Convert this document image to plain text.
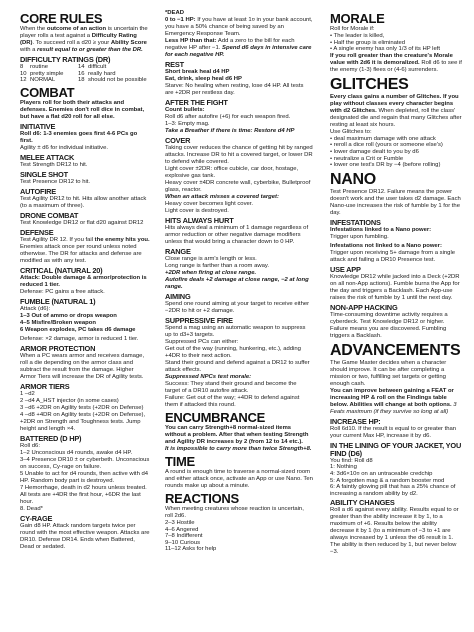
CORE RULES

When the outcome of an action is uncertain the player rolls a test against a Difficulty Rating (DR). To succeed roll a d20 ≥ your Ability Score with a result equal to or greater than the DR.

DIFFICULTY RATINGS (DR)
8	routine	14 difficult
10 pretty simple	16 really hard
12 NORMAL	18 should not be possible
COMBAT

Players roll for both their attacks and defenses. Enemies don't roll dice in combat, but have a flat d20 roll for all else.

INITIATIVE

Roll d6: 1-3 enemies goes first 4-6 PCs go first.

Agility ± d6 for individual initiative.

MELEE ATTACK

Test Strength DR12 to hit.

SINGLE SHOT

Test Presence DR12 to hit.

AUTOFIRE

Test Agility DR12 to hit. Hits allow another attack (to a maximum of three).

DRONE COMBAT

Test Knowledge DR12 or flat d20 against DR12

DEFENSE

Test Agility DR 12. If you fail the enemy hits you. Enemies attack once per round unless noted otherwise. The DR for attacks and defense are modified as with any test.

CRITICAL (NATURAL 20)

Attack: Double damage & armor/protection is reduced 1 tier.

Defense: PC gains a free attack.

FUMBLE (NATURAL 1)

Attack (d6):

1–3 Out of ammo or drops weapon

4–5 Misfire/Broken weapon

6 Weapon explodes, PC takes d6 damage

Defense: ×2 damage, armor is reduced 1 tier.

ARMOR PROTECTION

When a PC wears armor and receives damage, roll a die depending on the armor class and subtract the result from the damage. Higher Armor Tiers will increase the DR of Agility tests.

ARMOR TIERS

1 –d2

2 –d4 A_HST injector (in some cases)

3 –d6 +2DR on Agility tests (+2DR on Defense)

4 –d8 +4DR on Agility tests (+2DR on Defense), +2DR on Strength and Toughness tests. Jump height and length ×4.

BATTERED (D HP)

Roll d6:

1–2 Unconscious d4 rounds, awake d4 HP.

3–4 Presence DR10 ± or cyberbeth. Unconscious on success, Cy-rage on failure.

5 Unable to act for d4 rounds, then active with d4 HP. Random body part is destroyed.

7 Hemorrhage, death in d2 hours unless treated. All tests are +4DR the first hour, +6DR the last hour.

8. Dead*

CY-RAGE

Gain d8 HP. Attack random targets twice per round with the most effective weapon. Attacks are DR10. Defense DR14. Ends when Battered, Dead or sedated.

*DEAD
0 to −1 HP: If you have at least 1¤ in your bank account, you have a 50% chance of being saved by an Emergency Response Team.
Less HP than that: Add a zero to the bill for each negative HP after −1. Spend d6 days in intensive care for each negative HP.

REST

Short break heal d4 HP

Eat, drink, sleep heal d6 HP

Starve: No healing when resting, lose d4 HP. All tests are +2DR per restless day.

AFTER THE FIGHT

Count bullets:

Roll d6 after autofire (+6) for each weapon fired.

1–3: Empty mag.

Take a Breather if there is time: Restore d4 HP

COVER

Taking cover reduces the chance of getting hit by ranged attacks. Increase DR to hit a covered target, or lower DR to defend while covered.

Light cover ±2DR: office cubicle, car door, hostage, explosive gas tank.

Heavy cover ±4DR concrete wall, cyberbike, Bulletproof glass, reactor.

When an attack misses a covered target:

Heavy cover becomes light cover.

Light cover is destroyed.

HITS ALWAYS HURT

Hits always deal a minimum of 1 damage regardless of armor reduction or other negative damage modifiers unless that would bring a character down to 0 HP.

RANGE

Close range is arm's length or less.

Long range is farther than a room away.

+2DR when firing at close range.

Autofire deals +2 damage at close range, −2 at long range.

AIMING

Spend one round aiming at your target to receive either −2DR to hit or +2 damage.

SUPPRESSIVE FIRE

Spend a mag using an automatic weapon to suppress up to d3+3 targets.

Suppressed PCs can either:

Get out of the way (running, hunkering, etc.), adding +4DR to their next action.

Stand their ground and defend against a DR12 to suffer attack effects.

Suppressed NPCs test morale:

Success: They stand their ground and become the target of a DR10 autofire attack.

Failure: Get out of the way; +4DR to defend against them if attacked this round.

ENCUMBRANCE

You can carry Strength+8 normal-sized items without a problem. After that when testing Strength and Agility DR increases by 2 (from 12 to 14 etc.).

It is impossible to carry more than twice Strength+8.

TIME

A round is enough time to traverse a normal-sized room and either attack once, activate an App or use Nano. Ten rounds make up about a minute.

REACTIONS

When meeting creatures whose reaction is uncertain, roll 2d6.

2–3 Hostile

4–6 Angered

7–8 Indifferent

9–10 Curious

11–12 Asks for help

MORALE

Roll for Morale if:

• The leader is killed,

• Half the group is eliminated

• A single enemy has only 1/3 of its HP left

If you roll greater than the creature's Morale value with 2d6 it is demoralized. Roll d6 to see if the enemy (1-3) flees or (4-6) surrenders.

GLITCHES

Every class gains a number of Glitches. If you play without classes every character begins with d2 Glitches. When depleted, roll the class' designated die and regain that many Glitches after resting at least six hours.

Use Glitches to:

• deal maximum damage with one attack

• reroll a dice roll (yours or someone else's)

• lower damage dealt to you by d6

• neutralize a Crit or Fumble

• lower one test's DR by −4 (before rolling)

NANO

Test Presence DR12. Failure means the power doesn't work and the user takes d2 damage. Each Nano-use increases the risk of fumble by 1 for the day.

INFESTATIONS

Infestations linked to a Nano power:

Trigger upon fumbling.

Infestations not linked to a Nano power:

Trigger upon receiving 5+ damage from a single attack and failing a DR10 Presence test.

USE APP

Knowledge DR12 while jacked into a Deck (+2DR on all non-App actions). Fumble burns the App for the day and triggers a Backlash. Each App-use raises the risk of fumble by 1 until the next day.

NON-APP HACKING

Time-consuming downtime activity requires a cyberdeck. Test Knowledge DR12 or higher. Failure means you are discovered. Fumbling triggers a Backlash.

ADVANCEMENTS

The Game Master decides when a character should improve. It can be after completing a mission or two, fulfilling set targets or getting enough cash.

You can improve between gaining a FEAT or increasing HP & roll on the Findings table below. Abilities will change at both options. 3 Feats maximum (if they survive so long at all)

INCREASE HP:

Roll 6d10. If the result is equal to or greater than your current Max HP, increase it by d6.

IN THE LINING OF YOUR JACKET, YOU FIND (D6)

You find: Roll d8

1: Nothing

4: 3d6×10¤ on an untraceable credchip

5: A forgotten mag & a random booster mod

6: A faintly glowing pill that has a 25% chance of increasing a random ability by d2.

ABILITY CHANGES

Roll a d6 against every ability. Results equal to or greater than the ability increase it by 1, to a maximum of +6. Results below the ability decrease it by 1 (to a minimum of −3 to +1 are always increased by 1 unless the d6 result is 1. The ability is then reduced by 1, but never below −3.
